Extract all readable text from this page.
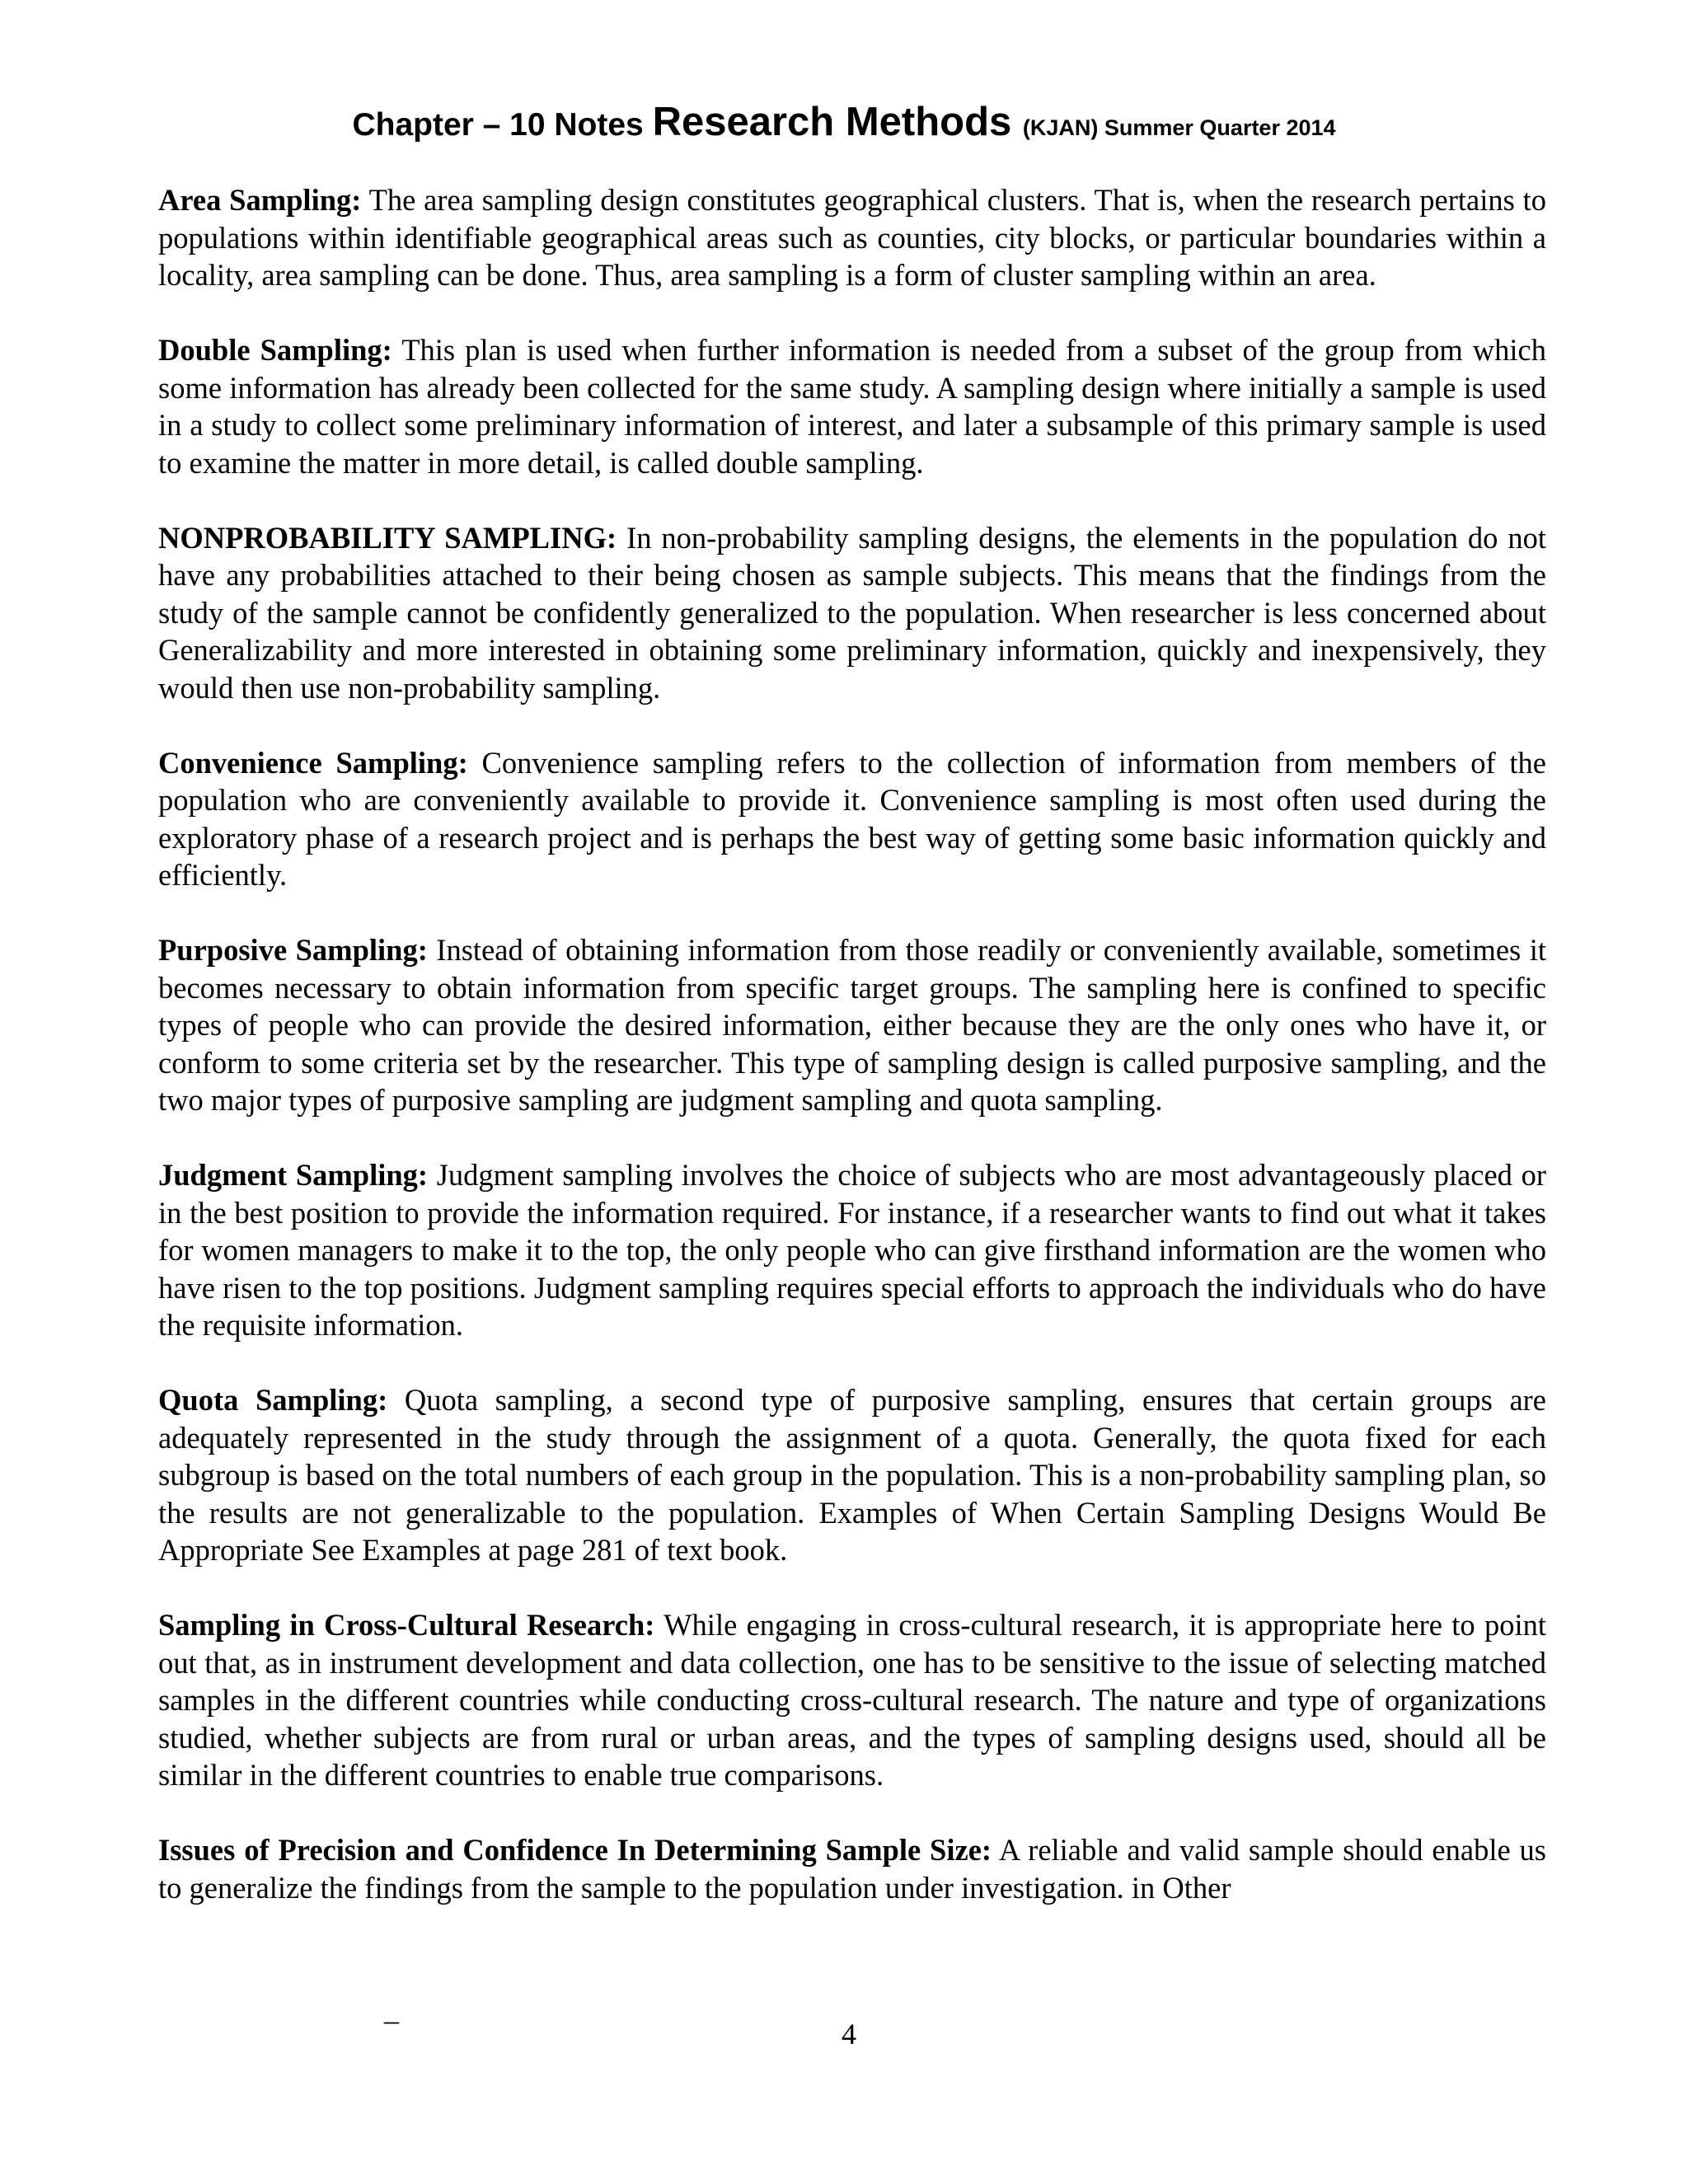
Chapter – 10 Notes Research Methods (KJAN) Summer Quarter 2014

Area Sampling: The area sampling design constitutes geographical clusters. That is, when the research pertains to populations within identifiable geographical areas such as counties, city blocks, or particular boundaries within a locality, area sampling can be done. Thus, area sampling is a form of cluster sampling within an area.

Double Sampling: This plan is used when further information is needed from a subset of the group from which some information has already been collected for the same study. A sampling design where initially a sample is used in a study to collect some preliminary information of interest, and later a subsample of this primary sample is used to examine the matter in more detail, is called double sampling.

NONPROBABILITY SAMPLING: In non-probability sampling designs, the elements in the population do not have any probabilities attached to their being chosen as sample subjects. This means that the findings from the study of the sample cannot be confidently generalized to the population. When researcher is less concerned about Generalizability and more interested in obtaining some preliminary information, quickly and inexpensively, they would then use non-probability sampling.

Convenience Sampling: Convenience sampling refers to the collection of information from members of the population who are conveniently available to provide it. Convenience sampling is most often used during the exploratory phase of a research project and is perhaps the best way of getting some basic information quickly and efficiently.

Purposive Sampling: Instead of obtaining information from those readily or conveniently available, sometimes it becomes necessary to obtain information from specific target groups. The sampling here is confined to specific types of people who can provide the desired information, either because they are the only ones who have it, or conform to some criteria set by the researcher. This type of sampling design is called purposive sampling, and the two major types of purposive sampling are judgment sampling and quota sampling.

Judgment Sampling: Judgment sampling involves the choice of subjects who are most advantageously placed or in the best position to provide the information required. For instance, if a researcher wants to find out what it takes for women managers to make it to the top, the only people who can give firsthand information are the women who have risen to the top positions. Judgment sampling requires special efforts to approach the individuals who do have the requisite information.

Quota Sampling: Quota sampling, a second type of purposive sampling, ensures that certain groups are adequately represented in the study through the assignment of a quota. Generally, the quota fixed for each subgroup is based on the total numbers of each group in the population. This is a non-probability sampling plan, so the results are not generalizable to the population. Examples of When Certain Sampling Designs Would Be Appropriate See Examples at page 281 of text book.

Sampling in Cross-Cultural Research: While engaging in cross-cultural research, it is appropriate here to point out that, as in instrument development and data collection, one has to be sensitive to the issue of selecting matched samples in the different countries while conducting cross-cultural research. The nature and type of organizations studied, whether subjects are from rural or urban areas, and the types of sampling designs used, should all be similar in the different countries to enable true comparisons.

Issues of Precision and Confidence In Determining Sample Size: A reliable and valid sample should enable us to generalize the findings from the sample to the population under investigation. in Other

–	4
